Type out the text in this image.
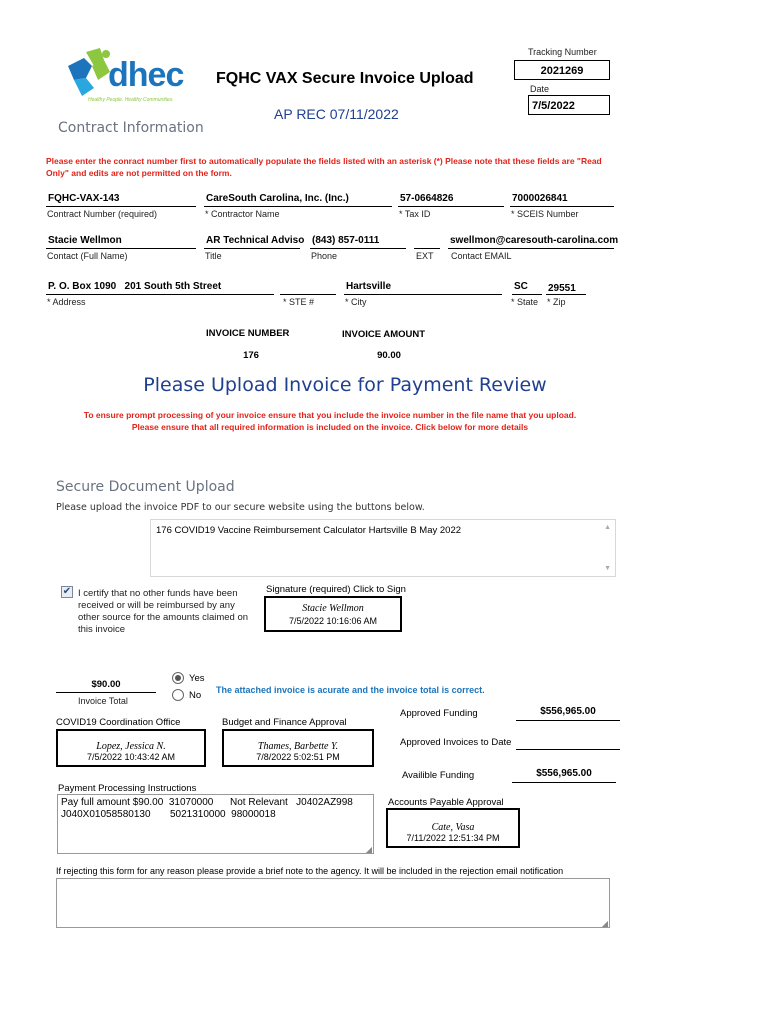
dhec
Healthy People. Healthy Communities.
FQHC VAX Secure Invoice Upload
AP REC 07/11/2022
Tracking Number
2021269
Date
7/5/2022
Contract Information
Please enter the conract number first to automatically populate the fields listed with an asterisk (*) Please note that these fields are "Read Only" and edits are not permitted on the form.
FQHC-VAX-143
Contract Number (required)
CareSouth Carolina, Inc. (Inc.)
* Contractor Name
57-0664826
* Tax ID
7000026841
* SCEIS Number
Stacie Wellmon
Contact (Full Name)
AR Technical Adviso
Title
(843) 857-0111
Phone	EXT
swellmon@caresouth-carolina.com
Contact EMAIL
P. O. Box 1090   201 South 5th Street
* Address	* STE #
Hartsville
* City
SC
* State
29551
* Zip
INVOICE NUMBER
176
INVOICE AMOUNT
90.00
Please Upload Invoice for Payment Review
To ensure prompt processing of your invoice ensure that you include the invoice number in the file name that you upload.
Please ensure that all required information is included on the invoice. Click below for more details
Secure Document Upload
Please upload the invoice PDF to our secure website using the buttons below.
176 COVID19 Vaccine Reimbursement Calculator Hartsville B May 2022	▲
▼
✔ I certify that no other funds have been received or will be reimbursed by any other source for the amounts claimed on this invoice
Signature (required) Click to Sign
Stacie Wellmon
7/5/2022 10:16:06 AM
$90.00
Invoice Total
Yes
No The attached invoice is acurate and the invoice total is correct.
COVID19 Coordination Office
Lopez, Jessica N.
7/5/2022 10:43:42 AM
Budget and Finance Approval
Thames, Barbette Y.
7/8/2022 5:02:51 PM
Approved Funding	$556,965.00
Approved Invoices to Date
Availible Funding	$556,965.00
Payment Processing Instructions
Pay full amount $90.00  31070000      Not Relevant   J0402AZ998
J040X01058580130       5021310000  98000018
◢
Accounts Payable Approval
Cate, Vasa
7/11/2022 12:51:34 PM
If rejecting this form for any reason please provide a brief note to the agency. It will be included in the rejection email notification
◢
